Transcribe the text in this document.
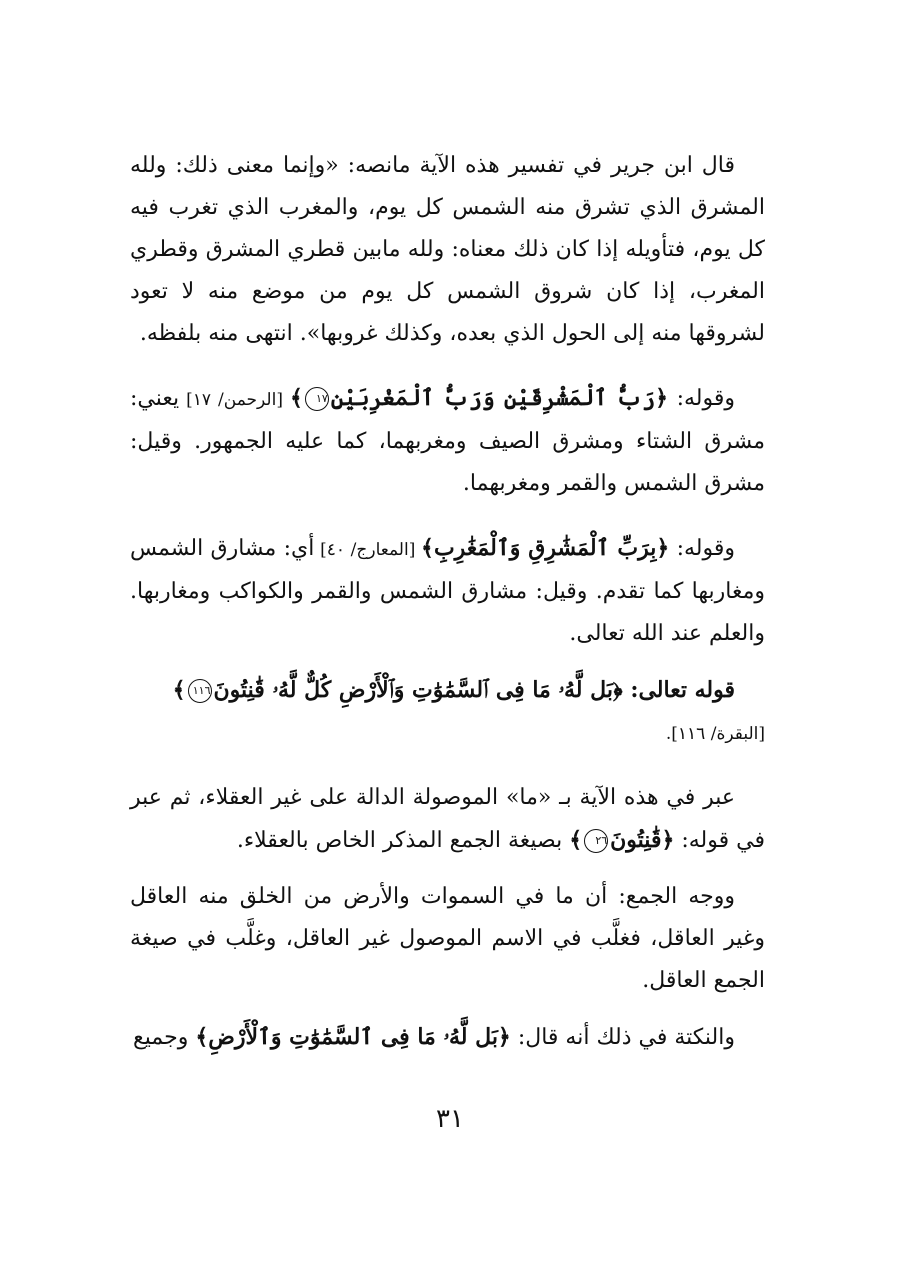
قال ابن جرير في تفسير هذه الآية مانصه: «وإنما معنى ذلك: ولله المشرق الذي تشرق منه الشمس كل يوم، والمغرب الذي تغرب فيه كل يوم، فتأويله إذا كان ذلك معناه: ولله مابين قطري المشرق وقطري المغرب، إذا كان شروق الشمس كل يوم من موضع منه لا تعود لشروقها منه إلى الحول الذي بعده، وكذلك غروبها». انتهى منه بلفظه.

وقوله: ﴿رَبُّ ٱلْمَشْرِقَيْنِ وَرَبُّ ٱلْمَغْرِبَيْنِ١٧﴾ [الرحمن/ ١٧] يعني: مشرق الشتاء ومشرق الصيف ومغربهما، كما عليه الجمهور. وقيل: مشرق الشمس والقمر ومغربهما.

وقوله: ﴿بِرَبِّ ٱلْمَشَٰرِقِ وَٱلْمَغَٰرِبِ﴾ [المعارج/ ٤٠] أي: مشارق الشمس ومغاربها كما تقدم. وقيل: مشارق الشمس والقمر والكواكب ومغاربها. والعلم عند الله تعالى.

قوله تعالى: ﴿بَل لَّهُۥ مَا فِى ٱلسَّمَٰوَٰتِ وَٱلْأَرْضِ كُلٌّ لَّهُۥ قَٰنِتُونَ١١٦﴾

[البقرة/ ١١٦].

عبر في هذه الآية بـ «ما» الموصولة الدالة على غير العقلاء، ثم عبر في قوله: ﴿قَٰنِتُونَ٢٦﴾ بصيغة الجمع المذكر الخاص بالعقلاء.

ووجه الجمع: أن ما في السموات والأرض من الخلق منه العاقل وغير العاقل، فغلَّب في الاسم الموصول غير العاقل، وغلَّب في صيغة الجمع العاقل.

والنكتة في ذلك أنه قال: ﴿بَل لَّهُۥ مَا فِى ٱلسَّمَٰوَٰتِ وَٱلْأَرْضِ﴾ وجميع

٣١
